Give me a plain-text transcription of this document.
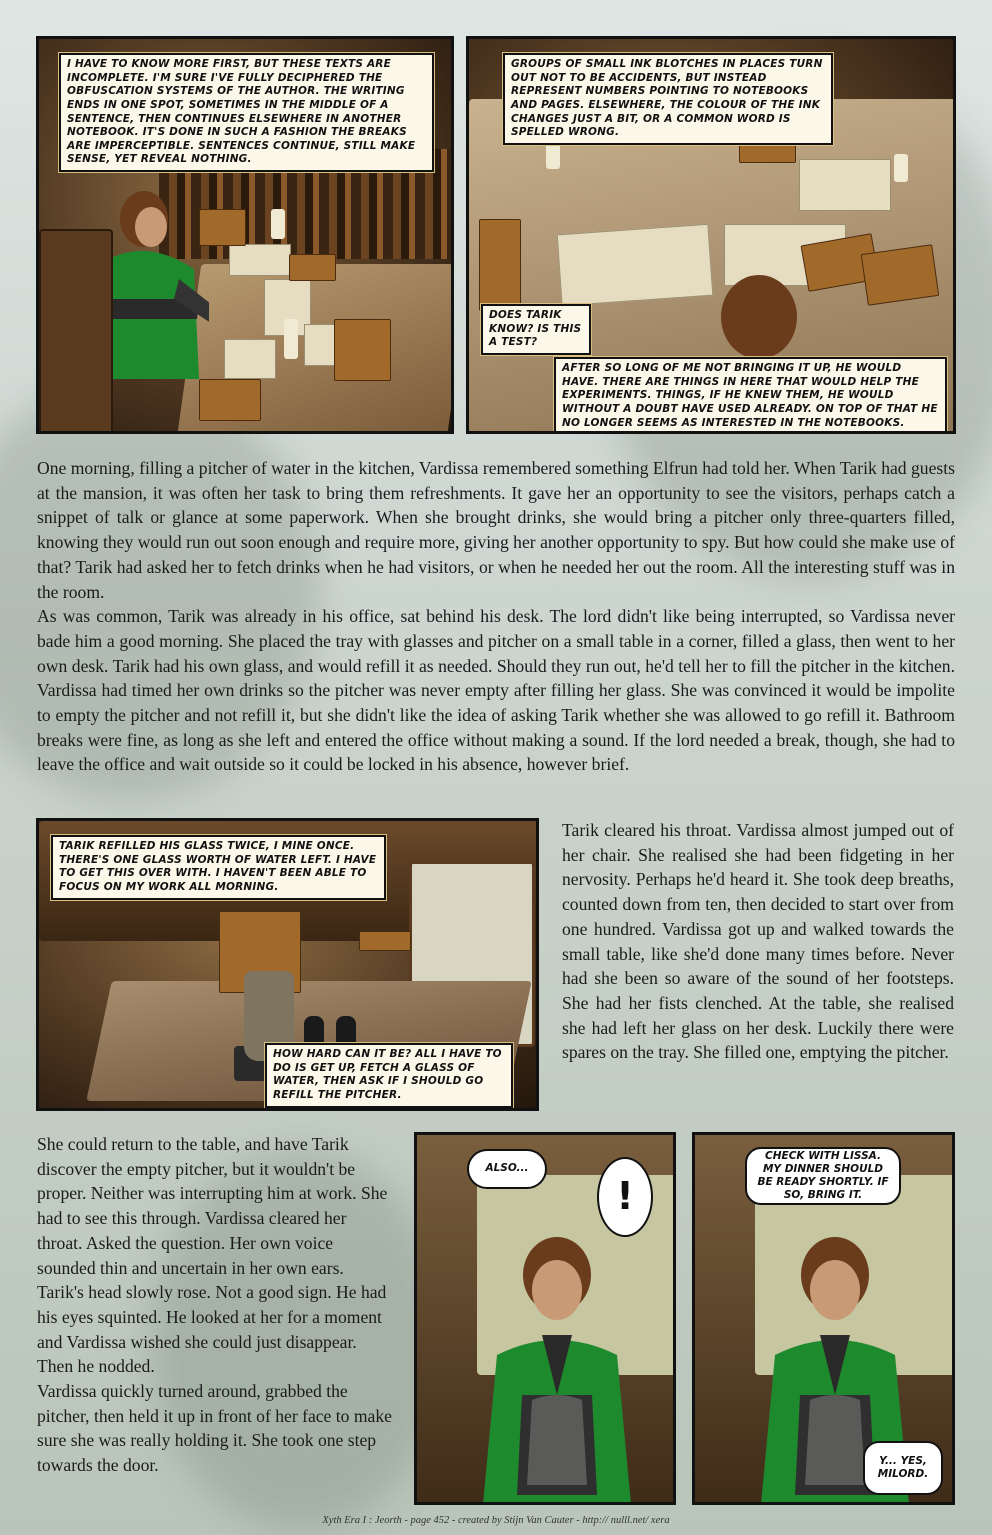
I HAVE TO KNOW MORE FIRST, BUT THESE TEXTS ARE INCOMPLETE. I'M SURE I'VE FULLY DECIPHERED THE OBFUSCATION SYSTEMS OF THE AUTHOR. THE WRITING ENDS IN ONE SPOT, SOMETIMES IN THE MIDDLE OF A SENTENCE, THEN CONTINUES ELSEWHERE IN ANOTHER NOTEBOOK. IT'S DONE IN SUCH A FASHION THE BREAKS ARE IMPERCEPTIBLE. SENTENCES CONTINUE, STILL MAKE SENSE, YET REVEAL NOTHING.
GROUPS OF SMALL INK BLOTCHES IN PLACES TURN OUT NOT TO BE ACCIDENTS, BUT INSTEAD REPRESENT NUMBERS POINTING TO NOTEBOOKS AND PAGES. ELSEWHERE, THE COLOUR OF THE INK CHANGES JUST A BIT, OR A COMMON WORD IS SPELLED WRONG.
DOES TARIK KNOW? IS THIS A TEST?
AFTER SO LONG OF ME NOT BRINGING IT UP, HE WOULD HAVE. THERE ARE THINGS IN HERE THAT WOULD HELP THE EXPERIMENTS. THINGS, IF HE KNEW THEM, HE WOULD WITHOUT A DOUBT HAVE USED ALREADY. ON TOP OF THAT HE NO LONGER SEEMS AS INTERESTED IN THE NOTEBOOKS.

One morning, filling a pitcher of water in the kitchen, Vardissa remembered something Elfrun had told her. When Tarik had guests at the mansion, it was often her task to bring them refreshments. It gave her an opportunity to see the visitors, perhaps catch a snippet of talk or glance at some paperwork. When she brought drinks, she would bring a pitcher only three-quarters filled, knowing they would run out soon enough and require more, giving her another opportunity to spy. But how could she make use of that? Tarik had asked her to fetch drinks when he had visitors, or when he needed her out the room. All the interesting stuff was in the room.

As was common, Tarik was already in his office, sat behind his desk. The lord didn't like being interrupted, so Vardissa never bade him a good morning. She placed the tray with glasses and pitcher on a small table in a corner, filled a glass, then went to her own desk. Tarik had his own glass, and would refill it as needed. Should they run out, he'd tell her to fill the pitcher in the kitchen. Vardissa had timed her own drinks so the pitcher was never empty after filling her glass. She was convinced it would be impolite to empty the pitcher and not refill it, but she didn't like the idea of asking Tarik whether she was allowed to go refill it. Bathroom breaks were fine, as long as she left and entered the office without making a sound. If the lord needed a break, though, she had to leave the office and wait outside so it could be locked in his absence, however brief.

TARIK REFILLED HIS GLASS TWICE, I MINE ONCE. THERE'S ONE GLASS WORTH OF WATER LEFT. I HAVE TO GET THIS OVER WITH. I HAVEN'T BEEN ABLE TO FOCUS ON MY WORK ALL MORNING.
HOW HARD CAN IT BE? ALL I HAVE TO DO IS GET UP, FETCH A GLASS OF WATER, THEN ASK IF I SHOULD GO REFILL THE PITCHER.
Tarik cleared his throat. Vardissa almost jumped out of her chair. She realised she had been fidgeting in her nervosity. Perhaps he'd heard it. She took deep breaths, counted down from ten, then decided to start over from one hundred. Vardissa got up and walked towards the small table, like she'd done many times before. Never had she been so aware of the sound of her footsteps. She had her fists clenched. At the table, she realised she had left her glass on her desk. Luckily there were spares on the tray. She filled one, emptying the pitcher.

She could return to the table, and have Tarik discover the empty pitcher, but it wouldn't be proper. Neither was interrupting him at work. She had to see this through. Vardissa cleared her throat. Asked the question. Her own voice sounded thin and uncertain in her own ears.

Tarik's head slowly rose. Not a good sign. He had his eyes squinted. He looked at her for a moment and Vardissa wished she could just disappear. Then he nodded.

Vardissa quickly turned around, grabbed the pitcher, then held it up in front of her face to make sure she was really holding it. She took one step towards the door.

ALSO...
!
CHECK WITH LISSA. MY DINNER SHOULD BE READY SHORTLY. IF SO, BRING IT.
Y... YES, MILORD.
Xyth Era I : Jeorth - page 452 - created by Stijn Van Cauter - http:// nulll.net/ xera
